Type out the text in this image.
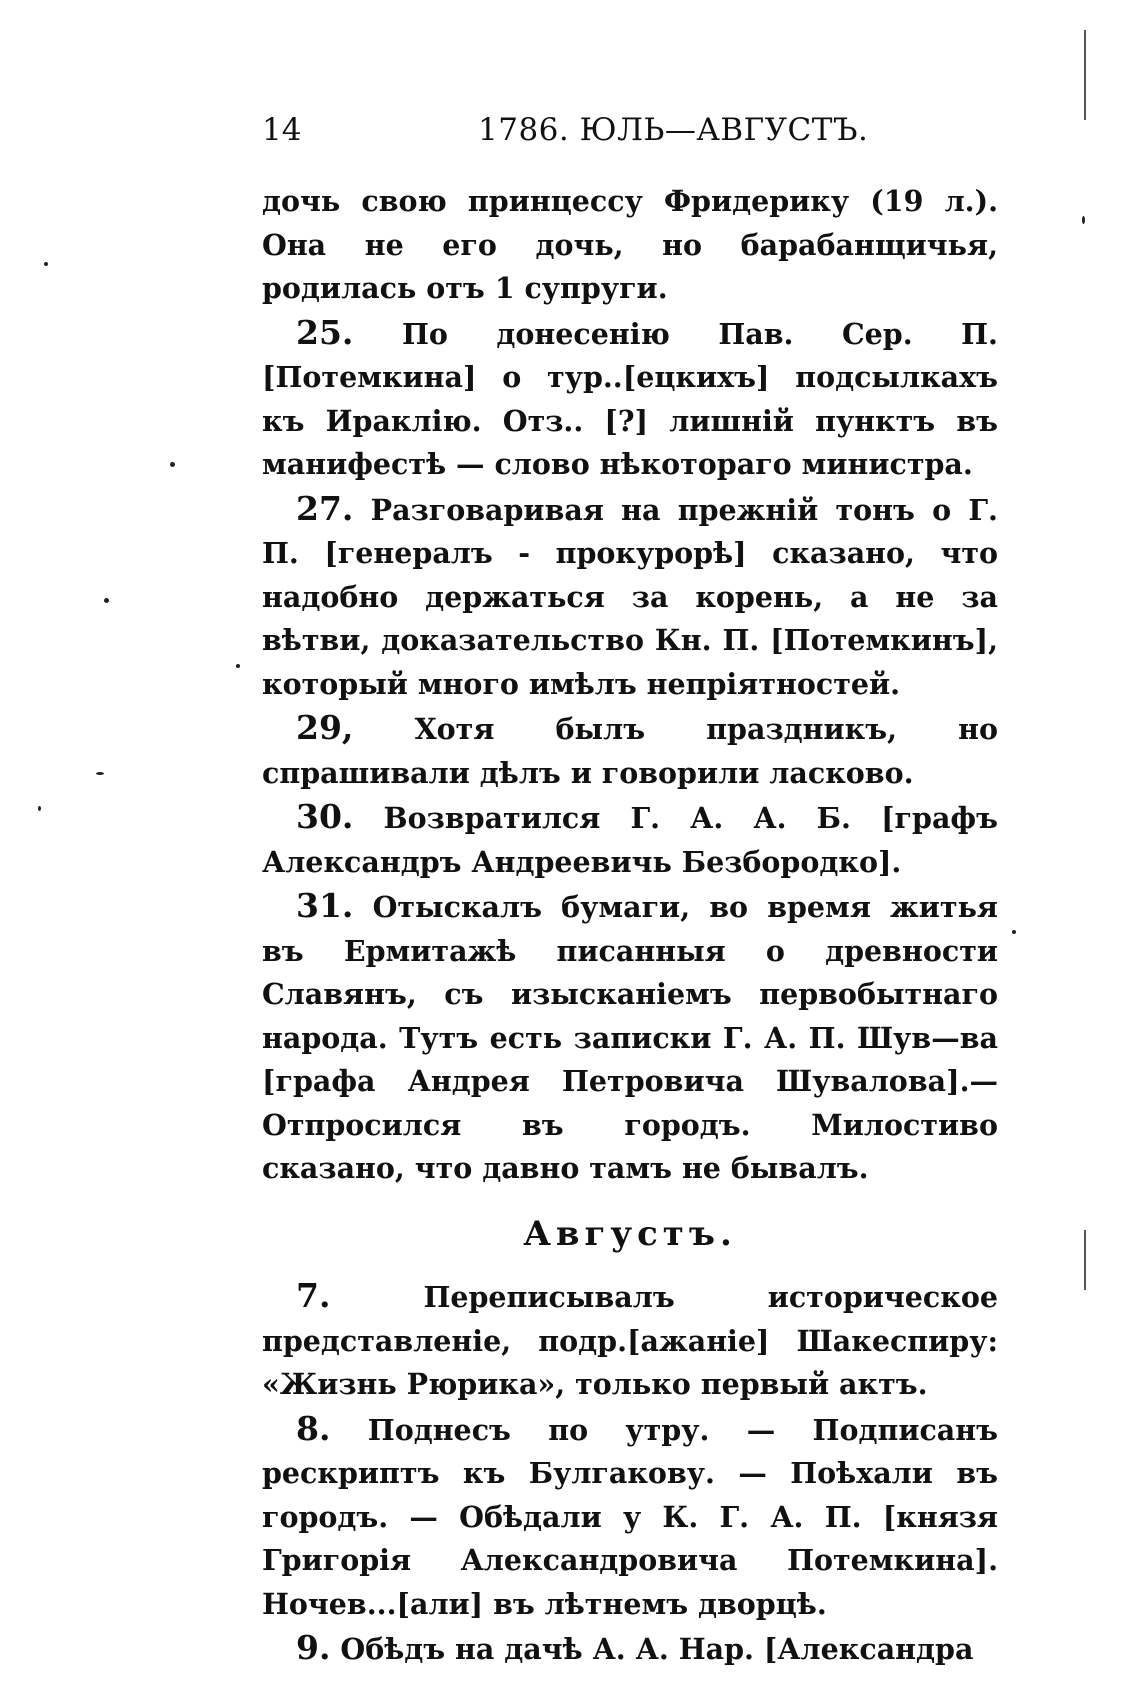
14	1786. ЮЛЬ—АВГУСТЪ.

дочь свою принцессу Фридерику (19 л.). Она не его дочь, но барабанщичья, родилась отъ 1 супруги.

25. По донесенію Пав. Сер. П. [Потемкина] о тур..[ецкихъ] подсылкахъ къ Ираклію. Отз.. [?] лишній пунктъ въ манифестѣ — слово нѣкотораго министра.

27. Разговаривая на прежній тонъ о Г. П. [генералъ - прокурорѣ] сказано, что надобно держаться за корень, а не за вѣтви, доказательство Кн. П. [Потемкинъ], который много имѣлъ непріятностей.

29, Хотя былъ праздникъ, но спрашивали дѣлъ и говорили ласково.

30. Возвратился Г. А. А. Б. [графъ Александръ Андреевичь Безбородко].

31. Отыскалъ бумаги, во время житья въ Ермитажѣ писанныя о древности Славянъ, съ изысканіемъ первобытнаго народа. Тутъ есть записки Г. А. П. Шув—ва [графа Андрея Петровича Шувалова].— Отпросился въ городъ. Милостиво сказано, что давно тамъ не бывалъ.

Августъ.

7.	Переписывалъ историческое представленіе, подр.[ажаніе] Шакеспиру: «Жизнь Рюрика», только первый актъ.

8. Поднесъ по утру. — Подписанъ рескриптъ къ Булгакову. — Поѣхали въ городъ. — Обѣдали у К. Г. А. П. [князя Григорія Александровича Потемкина]. Ночев...[али] въ лѣтнемъ дворцѣ.

9. Обѣдъ на дачѣ А. А. Нар. [Александра
